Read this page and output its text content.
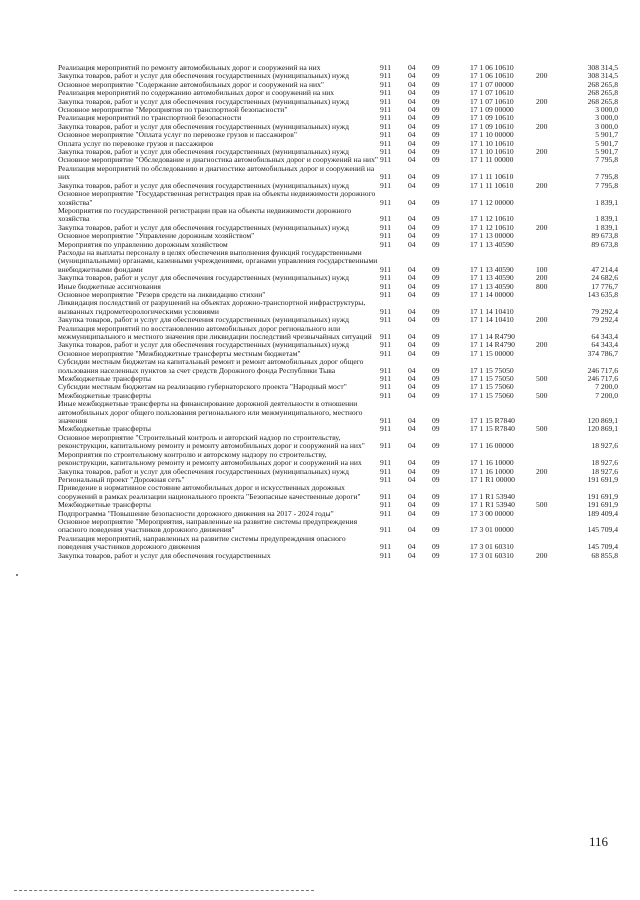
Реализация мероприятий по ремонту автомобильных дорог и сооружений на них	911	04	09	17 1 06 10610		308 314,5
Закупка товаров, работ и услуг для обеспечения государственных (муниципальных) нужд	911	04	09	17 1 06 10610	200	308 314,5
Основное мероприятие "Содержание автомобильных дорог и сооружений на них"	911	04	09	17 1 07 00000		268 265,8
Реализация мероприятий по содержанию автомобильных дорог и сооружений на них	911	04	09	17 1 07 10610		268 265,8
Закупка товаров, работ и услуг для обеспечения государственных (муниципальных) нужд	911	04	09	17 1 07 10610	200	268 265,8
Основное мероприятие "Мероприятия по транспортной безопасности"	911	04	09	17 1 09 00000		3 000,0
Реализация мероприятий по транспортной безопасности	911	04	09	17 1 09 10610		3 000,0
Закупка товаров, работ и услуг для обеспечения государственных (муниципальных) нужд	911	04	09	17 1 09 10610	200	3 000,0
Основное мероприятие "Оплата услуг по перевозке грузов и пассажиров"	911	04	09	17 1 10 00000		5 901,7
Оплата услуг по перевозке грузов и пассажиров	911	04	09	17 1 10 10610		5 901,7
Закупка товаров, работ и услуг для обеспечения государственных (муниципальных) нужд	911	04	09	17 1 10 10610	200	5 901,7
Основное мероприятие "Обследование и диагностика автомобильных дорог и сооружений на них"	911	04	09	17 1 11 00000		7 795,8
Реализация мероприятий по обследованию и диагностике автомобильных дорог и сооружений на них	911	04	09	17 1 11 10610		7 795,8
Закупка товаров, работ и услуг для обеспечения государственных (муниципальных) нужд	911	04	09	17 1 11 10610	200	7 795,8
Основное мероприятие "Государственная регистрация прав на объекты недвижимости дорожного хозяйства"	911	04	09	17 1 12 00000		1 839,1
Мероприятия по государственной регистрации прав на объекты недвижимости дорожного хозяйства	911	04	09	17 1 12 10610		1 839,1
Закупка товаров, работ и услуг для обеспечения государственных (муниципальных) нужд	911	04	09	17 1 12 10610	200	1 839,1
Основное мероприятие "Управление дорожным хозяйством"	911	04	09	17 1 13 00000		89 673,8
Мероприятия по управлению дорожным хозяйством	911	04	09	17 1 13 40590		89 673,8
Расходы на выплаты персоналу в целях обеспечения выполнения функций государственными (муниципальными) органами, казенными учреждениями, органами управления государственными внебюджетными фондами	911	04	09	17 1 13 40590	100	47 214,4
Закупка товаров, работ и услуг для обеспечения государственных (муниципальных) нужд	911	04	09	17 1 13 40590	200	24 682,6
Иные бюджетные ассигнования	911	04	09	17 1 13 40590	800	17 776,7
Основное мероприятие "Резерв средств на ликвидацию стихии"	911	04	09	17 1 14 00000		143 635,8
Ликвидация последствий от разрушений на объектах дорожно-транспортной инфраструктуры, вызванных гидрометеорологическими условиями	911	04	09	17 1 14 10410		79 292,4
Закупка товаров, работ и услуг для обеспечения государственных (муниципальных) нужд	911	04	09	17 1 14 10410	200	79 292,4
Реализация мероприятий по восстановлению автомобильных дорог регионального или межмуниципального и местного значения при ликвидации последствий чрезвычайных ситуаций	911	04	09	17 1 14 R4790		64 343,4
Закупка товаров, работ и услуг для обеспечения государственных (муниципальных) нужд	911	04	09	17 1 14 R4790	200	64 343,4
Основное мероприятие "Межбюджетные трансферты местным бюджетам"	911	04	09	17 1 15 00000		374 786,7
Субсидии местным бюджетам на капитальный ремонт и ремонт автомобильных дорог общего пользования населенных пунктов за счет средств Дорожного фонда Республики Тыва	911	04	09	17 1 15 75050		246 717,6
Межбюджетные трансферты	911	04	09	17 1 15 75050	500	246 717,6
Субсидии местным бюджетам на реализацию губернаторского проекта "Народный мост"	911	04	09	17 1 15 75060		7 200,0
Межбюджетные трансферты	911	04	09	17 1 15 75060	500	7 200,0
Иные межбюджетные трансферты на финансирование дорожной деятельности в отношении автомобильных дорог общего пользования регионального или межмуниципального, местного значения	911	04	09	17 1 15 R7840		120 869,1
Межбюджетные трансферты	911	04	09	17 1 15 R7840	500	120 869,1
Основное мероприятие "Строительный контроль и авторский надзор по строительству, реконструкции, капитальному ремонту и ремонту автомобильных дорог и сооружений на них"	911	04	09	17 1 16 00000		18 927,6
Мероприятия по строительному контролю и авторскому надзору по строительству, реконструкции, капитальному ремонту и ремонту автомобильных дорог и сооружений на них	911	04	09	17 1 16 10000		18 927,6
Закупка товаров, работ и услуг для обеспечения государственных (муниципальных) нужд	911	04	09	17 1 16 10000	200	18 927,6
Региональный проект "Дорожная сеть"	911	04	09	17 1 R1 00000		191 691,9
Приведение в нормативное состояние автомобильных дорог и искусственных дорожных сооружений в рамках реализации национального проекта "Безопасные качественные дороги"	911	04	09	17 1 R1 53940		191 691,9
Межбюджетные трансферты	911	04	09	17 1 R1 53940	500	191 691,9
Подпрограмма "Повышение безопасности дорожного движения на 2017 - 2024 годы"	911	04	09	17 3 00 00000		189 409,4
Основное мероприятие "Мероприятия, направленные на развитие системы предупреждения опасного поведения участников дорожного движения"	911	04	09	17 3 01 00000		145 709,4
Реализация мероприятий, направленных на развитие системы предупреждения опасного поведения участников дорожного движения	911	04	09	17 3 01 60310		145 709,4
Закупка товаров, работ и услуг для обеспечения государственных	911	04	09	17 3 01 60310	200	68 855,8
116
